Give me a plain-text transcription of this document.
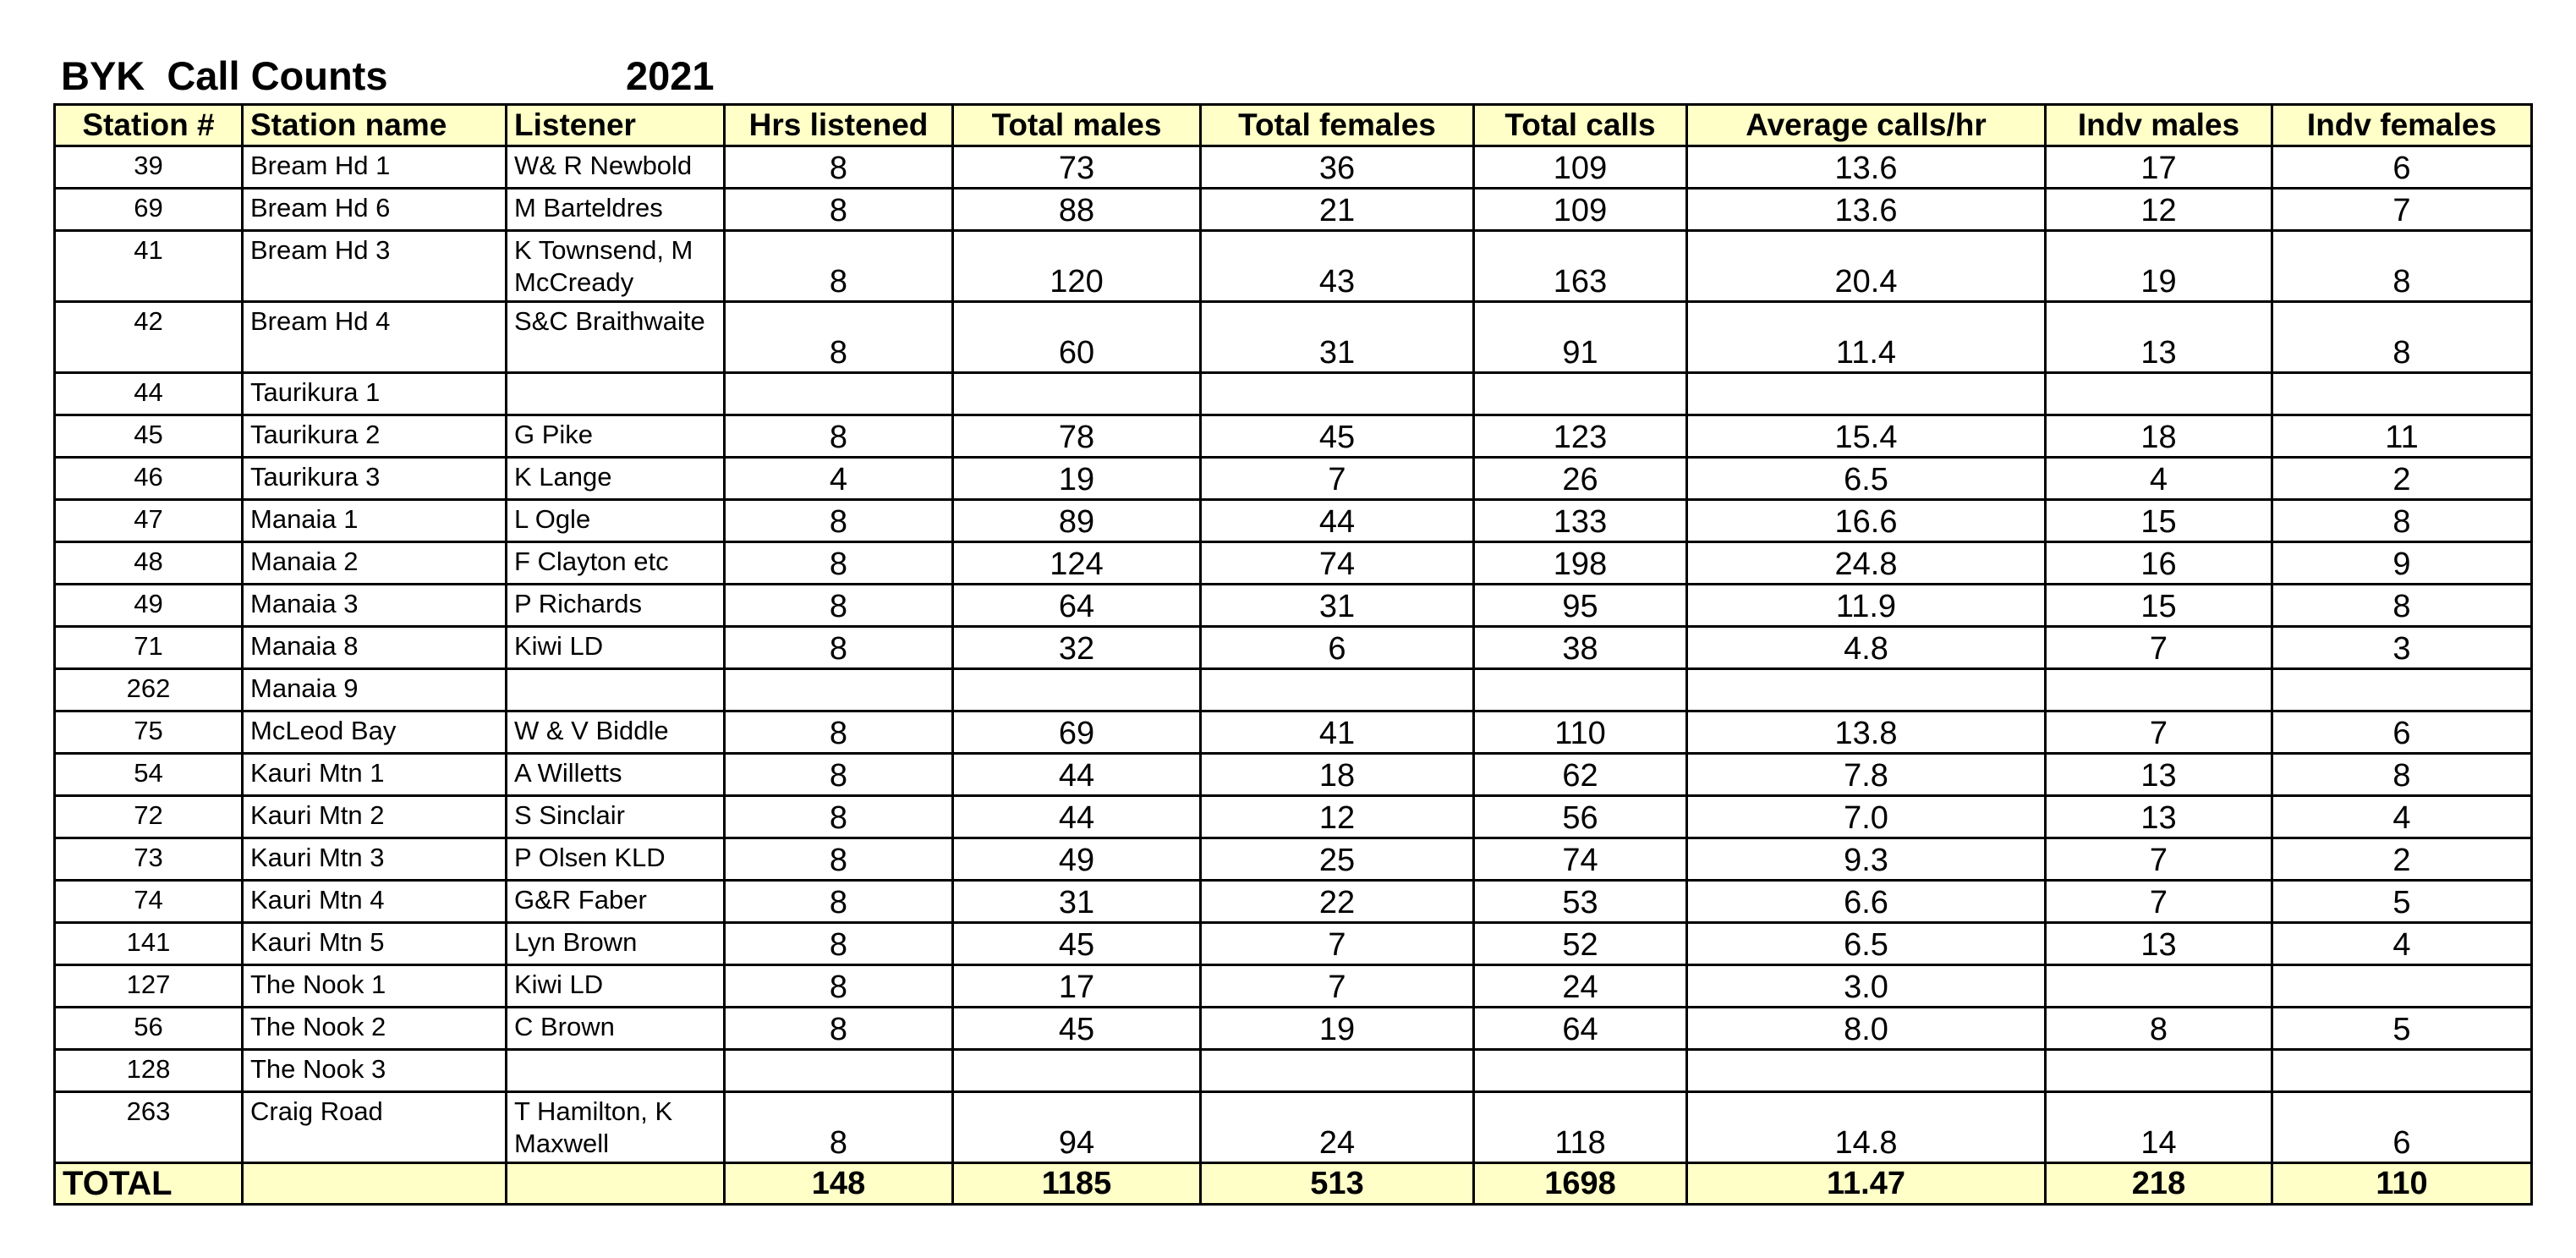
BYK  Call Counts	2021
Station #	Station name	Listener	Hrs listened	Total males	Total females	Total calls	Average calls/hr	Indv males	Indv females
39	Bream Hd 1	W& R Newbold	8	73	36	109	13.6	17	6
69	Bream Hd 6	M Barteldres	8	88	21	109	13.6	12	7
41	Bream Hd 3	K Townsend, M McCready	8	120	43	163	20.4	19	8
42	Bream Hd 4	S&C Braithwaite	8	60	31	91	11.4	13	8
44	Taurikura 1								
45	Taurikura 2	G Pike	8	78	45	123	15.4	18	11
46	Taurikura 3	K Lange	4	19	7	26	6.5	4	2
47	Manaia 1	L Ogle	8	89	44	133	16.6	15	8
48	Manaia 2	F Clayton etc	8	124	74	198	24.8	16	9
49	Manaia 3	P Richards	8	64	31	95	11.9	15	8
71	Manaia 8	Kiwi LD	8	32	6	38	4.8	7	3
262	Manaia 9								
75	McLeod Bay	W & V Biddle	8	69	41	110	13.8	7	6
54	Kauri Mtn 1	A Willetts	8	44	18	62	7.8	13	8
72	Kauri Mtn 2	S Sinclair	8	44	12	56	7.0	13	4
73	Kauri Mtn 3	P Olsen KLD	8	49	25	74	9.3	7	2
74	Kauri Mtn 4	G&R Faber	8	31	22	53	6.6	7	5
141	Kauri Mtn 5	Lyn Brown	8	45	7	52	6.5	13	4
127	The Nook 1	Kiwi LD	8	17	7	24	3.0		
56	The Nook 2	C Brown	8	45	19	64	8.0	8	5
128	The Nook 3								
263	Craig Road	T Hamilton, K Maxwell	8	94	24	118	14.8	14	6
TOTAL			148	1185	513	1698	11.47	218	110
